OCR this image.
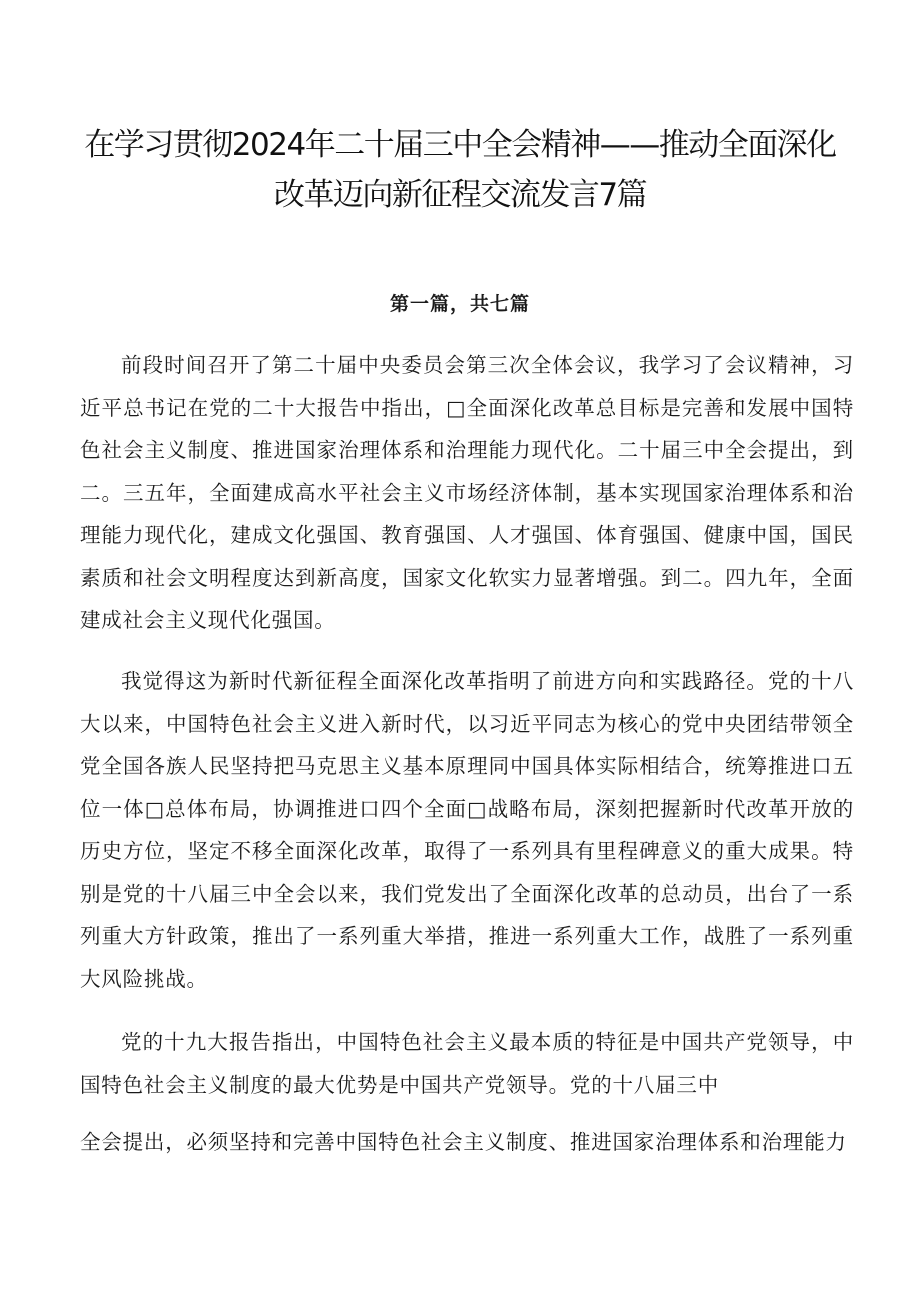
在学习贯彻2024年二十届三中全会精神——推动全面深化改革迈向新征程交流发言7篇
第一篇，共七篇

前段时间召开了第二十届中央委员会第三次全体会议，我学习了会议精神，习近平总书记在党的二十大报告中指出，□全面深化改革总目标是完善和发展中国特色社会主义制度、推进国家治理体系和治理能力现代化。二十届三中全会提出，到二。三五年，全面建成高水平社会主义市场经济体制，基本实现国家治理体系和治理能力现代化，建成文化强国、教育强国、人才强国、体育强国、健康中国，国民素质和社会文明程度达到新高度，国家文化软实力显著增强。到二。四九年，全面建成社会主义现代化强国。

我觉得这为新时代新征程全面深化改革指明了前进方向和实践路径。党的十八大以来，中国特色社会主义进入新时代，以习近平同志为核心的党中央团结带领全党全国各族人民坚持把马克思主义基本原理同中国具体实际相结合，统筹推进口五位一体□总体布局，协调推进口四个全面□战略布局，深刻把握新时代改革开放的历史方位，坚定不移全面深化改革，取得了一系列具有里程碑意义的重大成果。特别是党的十八届三中全会以来，我们党发出了全面深化改革的总动员，出台了一系列重大方针政策，推出了一系列重大举措，推进一系列重大工作，战胜了一系列重大风险挑战。

党的十九大报告指出，中国特色社会主义最本质的特征是中国共产党领导，中国特色社会主义制度的最大优势是中国共产党领导。党的十八届三中

全会提出，必须坚持和完善中国特色社会主义制度、推进国家治理体系和治理能力
